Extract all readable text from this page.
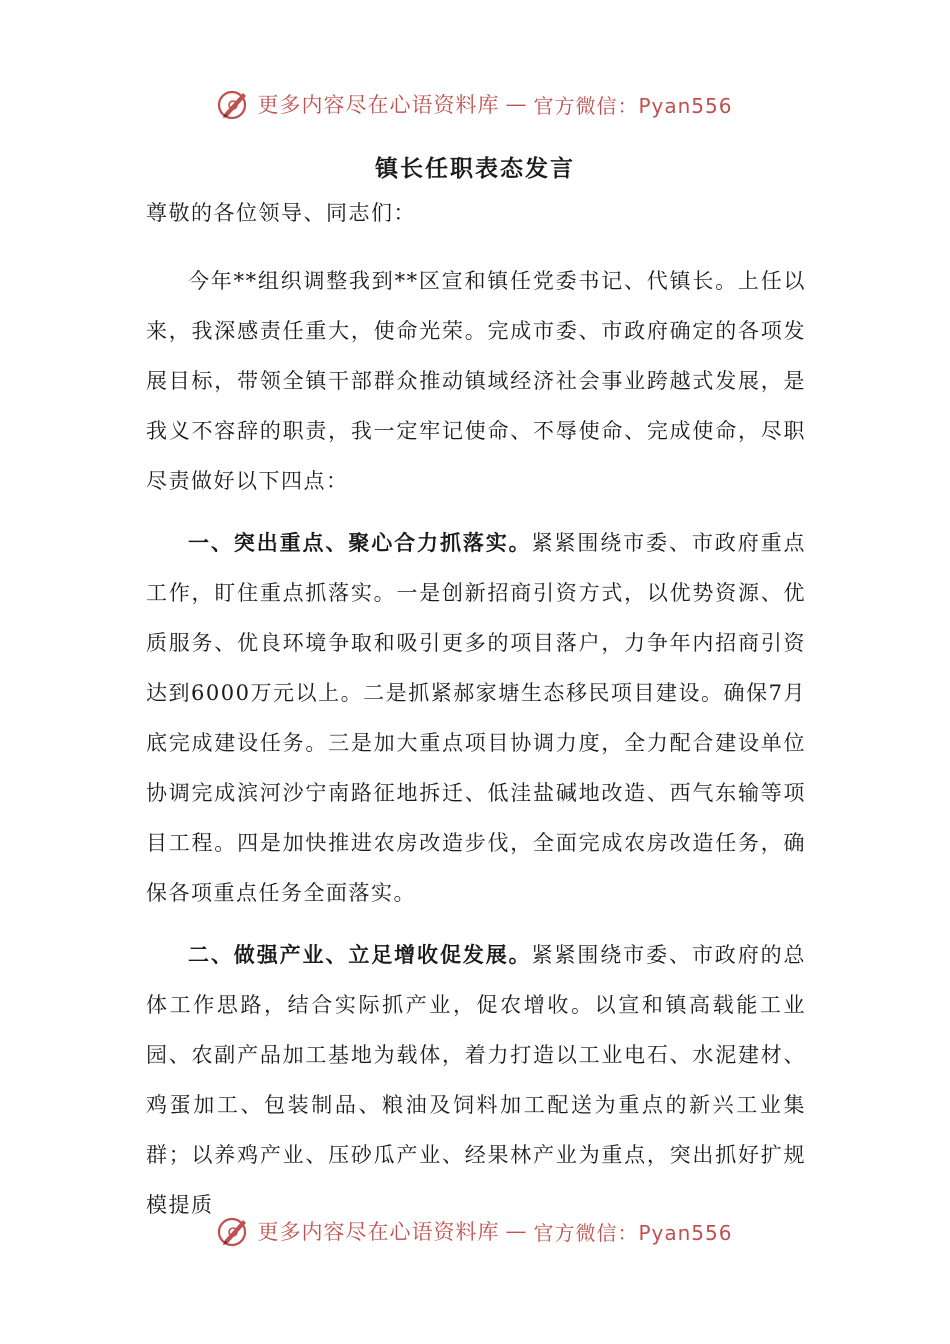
更多内容尽在心语资料库 — 官方微信：Pyan556
镇长任职表态发言

尊敬的各位领导、同志们：

今年**组织调整我到**区宣和镇任党委书记、代镇长。上任以来，我深感责任重大，使命光荣。完成市委、市政府确定的各项发展目标，带领全镇干部群众推动镇域经济社会事业跨越式发展，是我义不容辞的职责，我一定牢记使命、不辱使命、完成使命，尽职尽责做好以下四点：

一、突出重点、聚心合力抓落实。紧紧围绕市委、市政府重点工作，盯住重点抓落实。一是创新招商引资方式，以优势资源、优质服务、优良环境争取和吸引更多的项目落户，力争年内招商引资达到6000万元以上。二是抓紧郝家塘生态移民项目建设。确保7月底完成建设任务。三是加大重点项目协调力度，全力配合建设单位协调完成滨河沙宁南路征地拆迁、低洼盐碱地改造、西气东输等项目工程。四是加快推进农房改造步伐，全面完成农房改造任务，确保各项重点任务全面落实。

二、做强产业、立足增收促发展。紧紧围绕市委、市政府的总体工作思路，结合实际抓产业，促农增收。以宣和镇高载能工业园、农副产品加工基地为载体，着力打造以工业电石、水泥建材、鸡蛋加工、包装制品、粮油及饲料加工配送为重点的新兴工业集群；以养鸡产业、压砂瓜产业、经果林产业为重点，突出抓好扩规模提质

更多内容尽在心语资料库 — 官方微信：Pyan556
